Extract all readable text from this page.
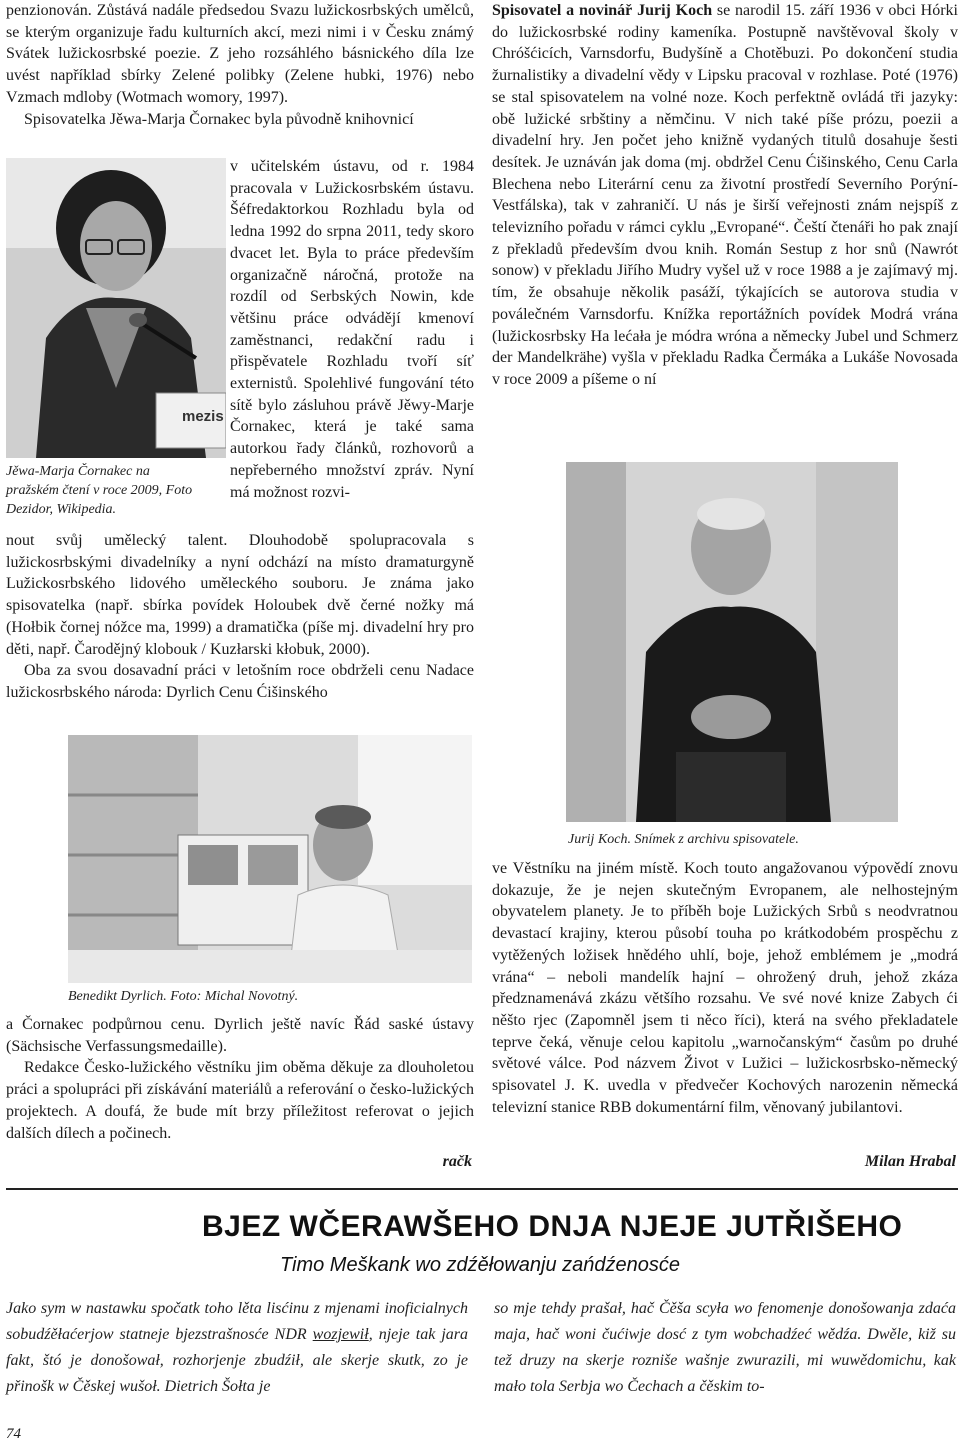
penzionován. Zůstává nadále předsedou Svazu lužickosrbských umělců, se kterým organizuje řadu kulturních akcí, mezi nimi i v Česku známý Svátek lužickosrbské poezie. Z jeho rozsáhlého básnického díla lze uvést například sbírky Zelené polibky (Zelene hubki, 1976) nebo Vzmach mdloby (Wotmach womory, 1997).

Spisovatelka Jěwa-Marja Čornakec byla původně knihovnicí

mezis
Jěwa-Marja Čornakec na pražském čtení v roce 2009, Foto Dezidor, Wikipedia.

v učitelském ústavu, od r. 1984 pracovala v Lužickosrbském ústavu. Šéfredaktorkou Rozhladu byla od ledna 1992 do srpna 2011, tedy skoro dvacet let. Byla to práce především organizačně náročná, protože na rozdíl od Serbských Nowin, kde většinu práce odvádějí kmenoví zaměstnanci, redakční radu i přispěvatele Rozhladu tvoří síť externistů. Spolehlivé fungování této sítě bylo zásluhou právě Jěwy-Marje Čornakec, která je také sama autorkou řady článků, rozhovorů a nepřeberného množství zpráv. Nyní má možnost rozvi-

nout svůj umělecký talent. Dlouhodobě spolupracovala s lužickosrbskými divadelníky a nyní odchází na místo dramaturgyně Lužickosrbského lidového uměleckého souboru. Je známa jako spisovatelka (např. sbírka povídek Holoubek dvě černé nožky má (Hołbik čornej nóžce ma, 1999) a dramatička (píše mj. divadelní hry pro děti, např. Čarodějný klobouk / Kuzłarski kłobuk, 2000).

Oba za svou dosavadní práci v letošním roce obdrželi cenu Nadace lužickosrbského národa: Dyrlich Cenu Ćišinského

Benedikt Dyrlich. Foto: Michal Novotný.

a Čornakec podpůrnou cenu. Dyrlich ještě navíc Řád saské ústavy (Sächsische Verfassungsmedaille).

Redakce Česko-lužického věstníku jim oběma děkuje za dlouholetou práci a spolupráci při získávání materiálů a referování o česko-lužických projektech. A doufá, že bude mít brzy příležitost referovat o jejich dalších dílech a počinech.

račk

Spisovatel a novinář Jurij Koch se narodil 15. září 1936 v obci Hórki do lužickosrbské rodiny kameníka. Postupně navštěvoval školy v Chróšćicích, Varnsdorfu, Budyšíně a Chotěbuzi. Po dokončení studia žurnalistiky a divadelní vědy v Lipsku pracoval v rozhlase. Poté (1976) se stal spisovatelem na volné noze. Koch perfektně ovládá tři jazyky: obě lužické srbštiny a němčinu. V nich také píše prózu, poezii a divadelní hry. Jen počet jeho knižně vydaných titulů dosahuje šesti desítek. Je uznáván jak doma (mj. obdržel Cenu Ćišinského, Cenu Carla Blechena nebo Literární cenu za životní prostředí Severního Porýní-Vestfálska), tak v zahraničí. U nás je širší veřejnosti znám nejspíš z televizního pořadu v rámci cyklu „Evropané“. Čeští čtenáři ho pak znají z překladů především dvou knih. Román Sestup z hor snů (Nawrót sonow) v překladu Jiřího Mudry vyšel už v roce 1988 a je zajímavý mj. tím, že obsahuje několik pasáží, týkajících se autorova studia v poválečném Varnsdorfu. Knížka reportážních povídek Modrá vrána (lužickosrbsky Ha lećała je módra wróna a německy Jubel und Schmerz der Mandelkrähe) vyšla v překladu Radka Čermáka a Lukáše Novosada v roce 2009 a píšeme o ní

Jurij Koch. Snímek z archivu spisovatele.

ve Věstníku na jiném místě. Koch touto angažovanou výpovědí znovu dokazuje, že je nejen skutečným Evropanem, ale nelhostejným obyvatelem planety. Je to příběh boje Lužických Srbů s neodvratnou devastací krajiny, kterou působí touha po krátkodobém prospěchu z vytěžených ložisek hnědého uhlí, boje, jehož emblémem je „modrá vrána“ – neboli mandelík hajní – ohrožený druh, jehož zkáza předznamenává zkázu většího rozsahu. Ve své nové knize Zabych ći něšto rjec (Zapomněl jsem ti něco říci), která na svého překladatele teprve čeká, věnuje celou kapitolu „warnočanským“ časům po druhé světové válce. Pod názvem Život v Lužici – lužickosrbsko-německý spisovatel J. K. uvedla v předvečer Kochových narozenin německá televizní stanice RBB dokumentární film, věnovaný jubilantovi.

Milan Hrabal
BJEZ WČERAWŠEHO DNJA NJEJE JUTŘIŠEHO
Timo Meškank wo zdźěłowanju zańdźenosće
Jako sym w nastawku spočatk toho lěta lisćinu z mjenami inoficialnych sobudźěłaćerjow statneje bjezstrašnosće NDR wozjewił, njeje tak jara fakt, štó je donošował, rozhorjenje zbudźił, ale skerje skutk, zo je přinošk w Čěskej wušoł. Dietrich Šołta je
so mje tehdy prašał, hač Čěša scyła wo fenomenje donošowanja zdaća maja, hač woni čućiwje dosć z tym wobchadźeć wědźa. Dwěle, kiž su tež druzy na skerje rozniše wašnje zwurazili, mi wuwědomichu, kak mało tola Serbja wo Čechach a čěskim to-
74
